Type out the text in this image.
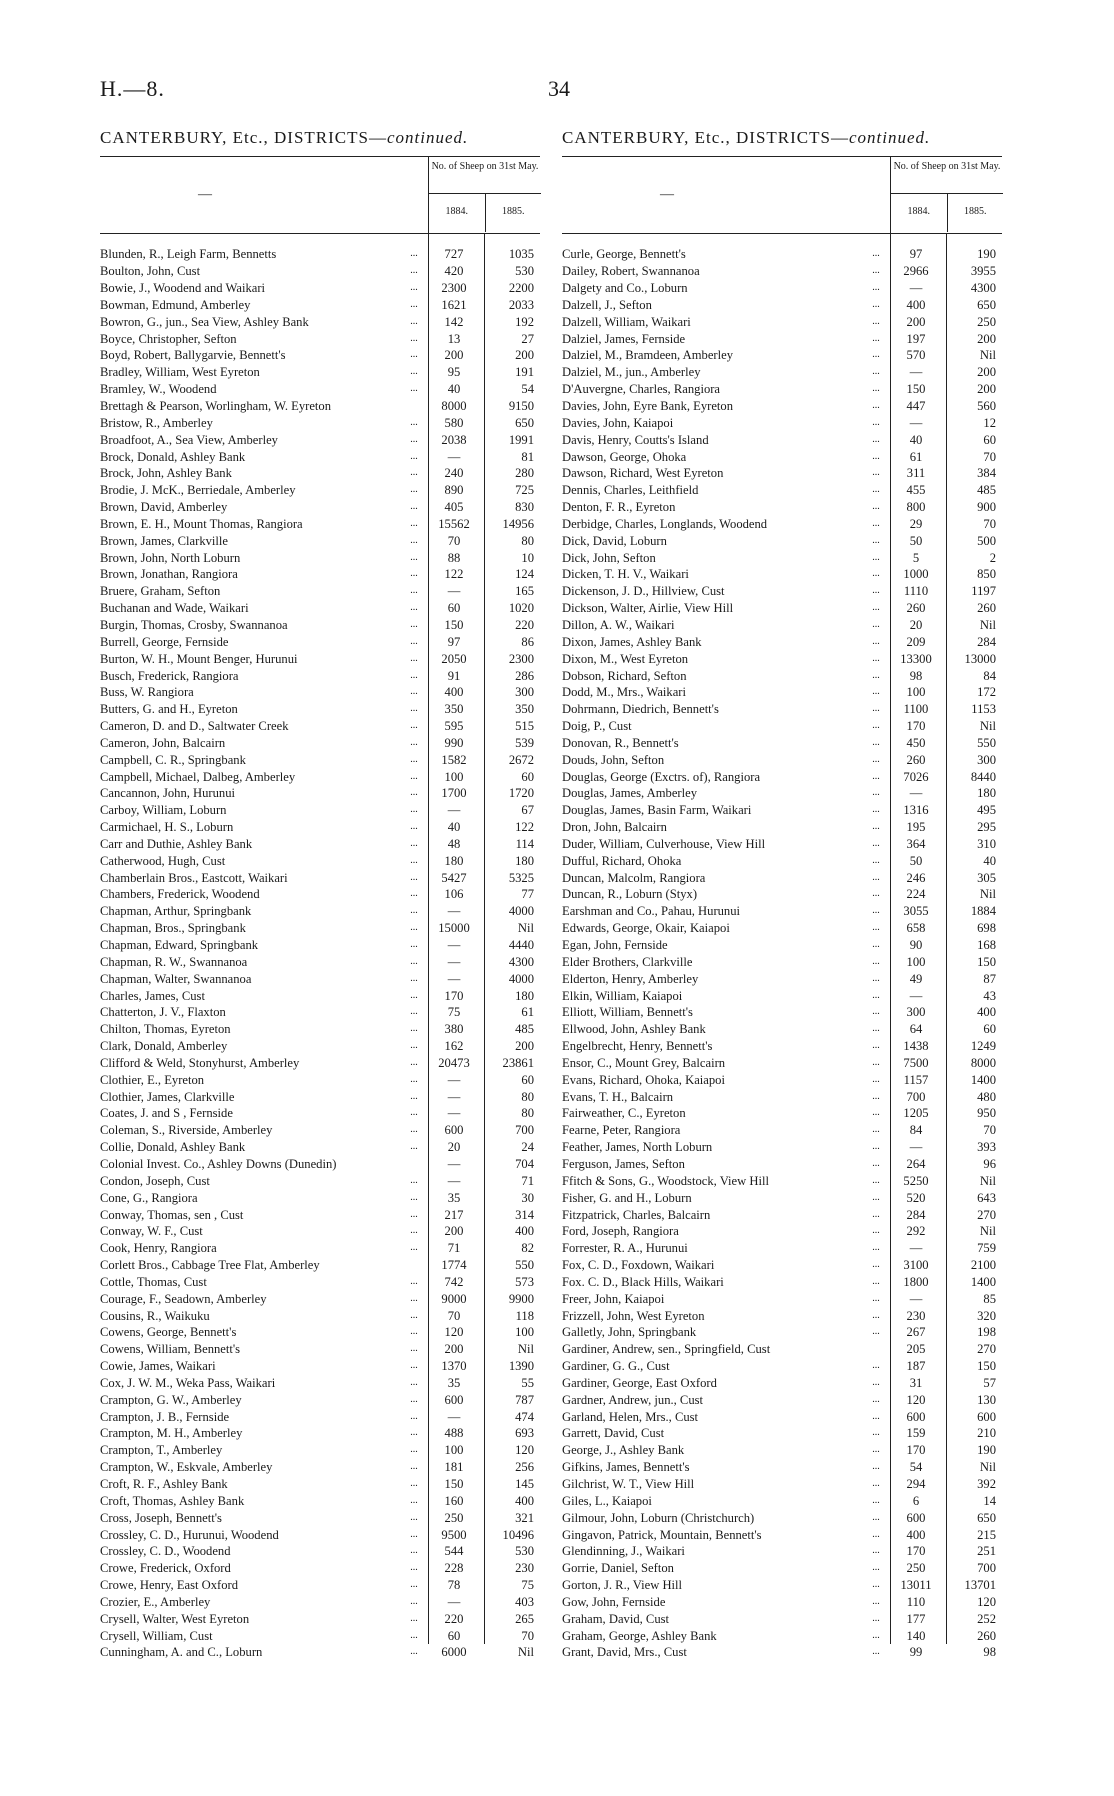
H.—8.	34
CANTERBURY, Etc., DISTRICTS—continued.
—
No. of Sheep on 31st May.
1884.	1885.
Blunden, R., Leigh Farm, Bennetts	...	727	1035
Boulton, John, Cust	...	420	530
Bowie, J., Woodend and Waikari	...	2300	2200
Bowman, Edmund, Amberley	...	1621	2033
Bowron, G., jun., Sea View, Ashley Bank	...	142	192
Boyce, Christopher, Sefton	...	13	27
Boyd, Robert, Ballygarvie, Bennett's	...	200	200
Bradley, William, West Eyreton	...	95	191
Bramley, W., Woodend	...	40	54
Brettagh & Pearson, Worlingham, W. Eyreton	8000	9150
Bristow, R., Amberley	...	580	650
Broadfoot, A., Sea View, Amberley	...	2038	1991
Brock, Donald, Ashley Bank	...	—	81
Brock, John, Ashley Bank	...	240	280
Brodie, J. McK., Berriedale, Amberley	...	890	725
Brown, David, Amberley	...	405	830
Brown, E. H., Mount Thomas, Rangiora	...	15562	14956
Brown, James, Clarkville	...	70	80
Brown, John, North Loburn	...	88	10
Brown, Jonathan, Rangiora	...	122	124
Bruere, Graham, Sefton	...	—	165
Buchanan and Wade, Waikari	...	60	1020
Burgin, Thomas, Crosby, Swannanoa	...	150	220
Burrell, George, Fernside	...	97	86
Burton, W. H., Mount Benger, Hurunui	...	2050	2300
Busch, Frederick, Rangiora	...	91	286
Buss, W. Rangiora	...	400	300
Butters, G. and H., Eyreton	...	350	350
Cameron, D. and D., Saltwater Creek	...	595	515
Cameron, John, Balcairn	...	990	539
Campbell, C. R., Springbank	...	1582	2672
Campbell, Michael, Dalbeg, Amberley	...	100	60
Cancannon, John, Hurunui	...	1700	1720
Carboy, William, Loburn	...	—	67
Carmichael, H. S., Loburn	...	40	122
Carr and Duthie, Ashley Bank	...	48	114
Catherwood, Hugh, Cust	...	180	180
Chamberlain Bros., Eastcott, Waikari	...	5427	5325
Chambers, Frederick, Woodend	...	106	77
Chapman, Arthur, Springbank	...	—	4000
Chapman, Bros., Springbank	...	15000	Nil
Chapman, Edward, Springbank	...	—	4440
Chapman, R. W., Swannanoa	...	—	4300
Chapman, Walter, Swannanoa	...	—	4000
Charles, James, Cust	...	170	180
Chatterton, J. V., Flaxton	...	75	61
Chilton, Thomas, Eyreton	...	380	485
Clark, Donald, Amberley	...	162	200
Clifford & Weld, Stonyhurst, Amberley	...	20473	23861
Clothier, E., Eyreton	...	—	60
Clothier, James, Clarkville	...	—	80
Coates, J. and S , Fernside	...	—	80
Coleman, S., Riverside, Amberley	...	600	700
Collie, Donald, Ashley Bank	...	20	24
Colonial Invest. Co., Ashley Downs (Dunedin)	—	704
Condon, Joseph, Cust	...	—	71
Cone, G., Rangiora	...	35	30
Conway, Thomas, sen , Cust	...	217	314
Conway, W. F., Cust	...	200	400
Cook, Henry, Rangiora	...	71	82
Corlett Bros., Cabbage Tree Flat, Amberley	1774	550
Cottle, Thomas, Cust	...	742	573
Courage, F., Seadown, Amberley	...	9000	9900
Cousins, R., Waikuku	...	70	118
Cowens, George, Bennett's	...	120	100
Cowens, William, Bennett's	...	200	Nil
Cowie, James, Waikari	...	1370	1390
Cox, J. W. M., Weka Pass, Waikari	...	35	55
Crampton, G. W., Amberley	...	600	787
Crampton, J. B., Fernside	...	—	474
Crampton, M. H., Amberley	...	488	693
Crampton, T., Amberley	...	100	120
Crampton, W., Eskvale, Amberley	...	181	256
Croft, R. F., Ashley Bank	...	150	145
Croft, Thomas, Ashley Bank	...	160	400
Cross, Joseph, Bennett's	...	250	321
Crossley, C. D., Hurunui, Woodend	...	9500	10496
Crossley, C. D., Woodend	...	544	530
Crowe, Frederick, Oxford	...	228	230
Crowe, Henry, East Oxford	...	78	75
Crozier, E., Amberley	...	—	403
Crysell, Walter, West Eyreton	...	220	265
Crysell, William, Cust	...	60	70
Cunningham, A. and C., Loburn	...	6000	Nil
CANTERBURY, Etc., DISTRICTS—continued.
—
No. of Sheep on 31st May.
1884.	1885.
Curle, George, Bennett's	...	97	190
Dailey, Robert, Swannanoa	...	2966	3955
Dalgety and Co., Loburn	...	—	4300
Dalzell, J., Sefton	...	400	650
Dalzell, William, Waikari	...	200	250
Dalziel, James, Fernside	...	197	200
Dalziel, M., Bramdeen, Amberley	...	570	Nil
Dalziel, M., jun., Amberley	...	—	200
D'Auvergne, Charles, Rangiora	...	150	200
Davies, John, Eyre Bank, Eyreton	...	447	560
Davies, John, Kaiapoi	...	—	12
Davis, Henry, Coutts's Island	...	40	60
Dawson, George, Ohoka	...	61	70
Dawson, Richard, West Eyreton	...	311	384
Dennis, Charles, Leithfield	...	455	485
Denton, F. R., Eyreton	...	800	900
Derbidge, Charles, Longlands, Woodend	...	29	70
Dick, David, Loburn	...	50	500
Dick, John, Sefton	...	5	2
Dicken, T. H. V., Waikari	...	1000	850
Dickenson, J. D., Hillview, Cust	...	1110	1197
Dickson, Walter, Airlie, View Hill	...	260	260
Dillon, A. W., Waikari	...	20	Nil
Dixon, James, Ashley Bank	...	209	284
Dixon, M., West Eyreton	...	13300	13000
Dobson, Richard, Sefton	...	98	84
Dodd, M., Mrs., Waikari	...	100	172
Dohrmann, Diedrich, Bennett's	...	1100	1153
Doig, P., Cust	...	170	Nil
Donovan, R., Bennett's	...	450	550
Douds, John, Sefton	...	260	300
Douglas, George (Exctrs. of), Rangiora	...	7026	8440
Douglas, James, Amberley	...	—	180
Douglas, James, Basin Farm, Waikari	...	1316	495
Dron, John, Balcairn	...	195	295
Duder, William, Culverhouse, View Hill	...	364	310
Dufful, Richard, Ohoka	...	50	40
Duncan, Malcolm, Rangiora	...	246	305
Duncan, R., Loburn (Styx)	...	224	Nil
Earshman and Co., Pahau, Hurunui	...	3055	1884
Edwards, George, Okair, Kaiapoi	...	658	698
Egan, John, Fernside	...	90	168
Elder Brothers, Clarkville	...	100	150
Elderton, Henry, Amberley	...	49	87
Elkin, William, Kaiapoi	...	—	43
Elliott, William, Bennett's	...	300	400
Ellwood, John, Ashley Bank	...	64	60
Engelbrecht, Henry, Bennett's	...	1438	1249
Ensor, C., Mount Grey, Balcairn	...	7500	8000
Evans, Richard, Ohoka, Kaiapoi	...	1157	1400
Evans, T. H., Balcairn	...	700	480
Fairweather, C., Eyreton	...	1205	950
Fearne, Peter, Rangiora	...	84	70
Feather, James, North Loburn	...	—	393
Ferguson, James, Sefton	...	264	96
Ffitch & Sons, G., Woodstock, View Hill	...	5250	Nil
Fisher, G. and H., Loburn	...	520	643
Fitzpatrick, Charles, Balcairn	...	284	270
Ford, Joseph, Rangiora	...	292	Nil
Forrester, R. A., Hurunui	...	—	759
Fox, C. D., Foxdown, Waikari	...	3100	2100
Fox. C. D., Black Hills, Waikari	...	1800	1400
Freer, John, Kaiapoi	...	—	85
Frizzell, John, West Eyreton	...	230	320
Galletly, John, Springbank	...	267	198
Gardiner, Andrew, sen., Springfield, Cust	205	270
Gardiner, G. G., Cust	...	187	150
Gardiner, George, East Oxford	...	31	57
Gardner, Andrew, jun., Cust	...	120	130
Garland, Helen, Mrs., Cust	...	600	600
Garrett, David, Cust	...	159	210
George, J., Ashley Bank	...	170	190
Gifkins, James, Bennett's	...	54	Nil
Gilchrist, W. T., View Hill	...	294	392
Giles, L., Kaiapoi	...	6	14
Gilmour, John, Loburn (Christchurch)	...	600	650
Gingavon, Patrick, Mountain, Bennett's	...	400	215
Glendinning, J., Waikari	...	170	251
Gorrie, Daniel, Sefton	...	250	700
Gorton, J. R., View Hill	...	13011	13701
Gow, John, Fernside	...	110	120
Graham, David, Cust	...	177	252
Graham, George, Ashley Bank	...	140	260
Grant, David, Mrs., Cust	...	99	98
